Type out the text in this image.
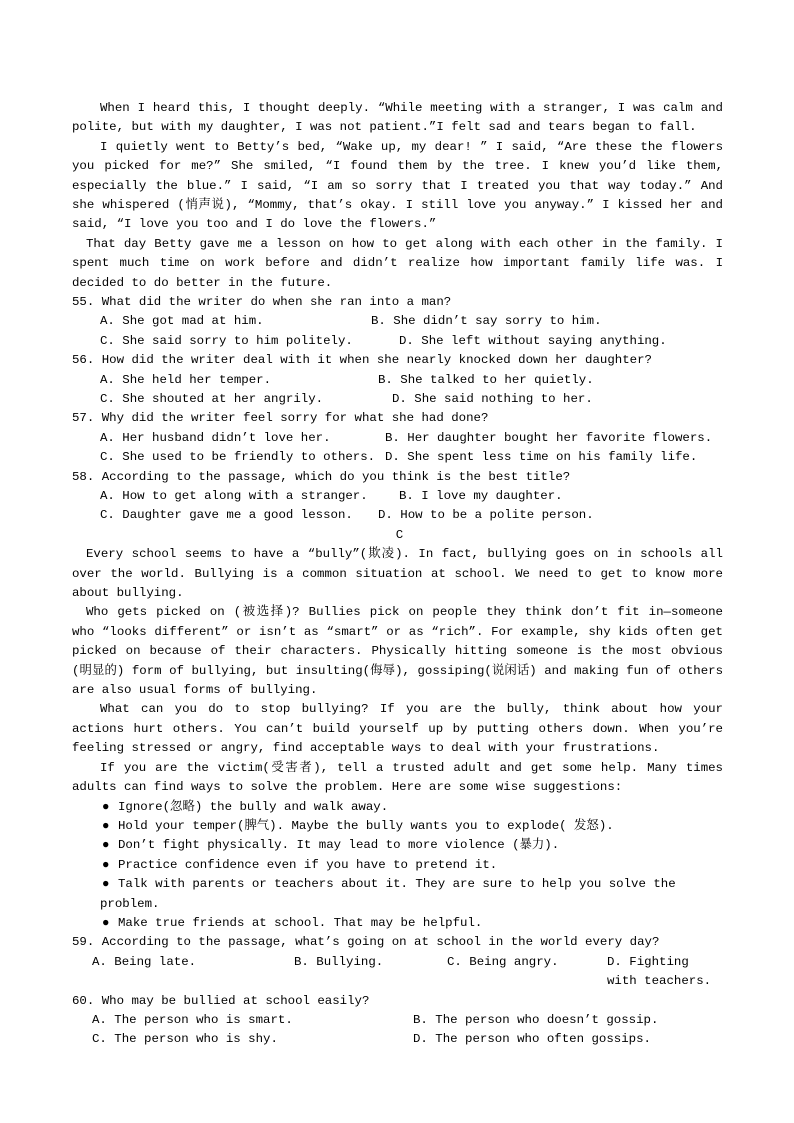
When I heard this, I thought deeply. “While meeting with a stranger, I was calm and polite, but with my daughter, I was not patient.”I felt sad and tears began to fall.

I quietly went to Betty’s bed, “Wake up, my dear! ” I said, “Are these the flowers you picked for me?” She smiled, “I found them by the tree. I knew you’d like them, especially the blue.” I said, “I am so sorry that I treated you that way today.” And she whispered (悄声说), “Mommy, that’s okay. I still love you anyway.” I kissed her and said, “I love you too and I do love the flowers.”

That day Betty gave me a lesson on how to get along with each other in the family. I spent much time on work before and didn’t realize how important family life was. I decided to do better in the future.

55. What did the writer do when she ran into a man?
A. She got mad at him.	B. She didn’t say sorry to him.
C. She said sorry to him politely.	D. She left without saying anything.
56. How did the writer deal with it when she nearly knocked down her daughter?
A. She held her temper.	B. She talked to her quietly.
C. She shouted at her angrily.	D. She said nothing to her.
57. Why did the writer feel sorry for what she had done?
A. Her husband didn’t love her.	B. Her daughter bought her favorite flowers.
C. She used to be friendly to others. D. She spent less time on his family life.
58. According to the passage, which do you think is the best title?
A. How to get along with a stranger.	B. I love my daughter.
C. Daughter gave me a good lesson. D. How to be a polite person.
C

Every school seems to have a “bully”(欺凌). In fact, bullying goes on in schools all over the world. Bullying is a common situation at school. We need to get to know more about bullying.

Who gets picked on (被选择)? Bullies pick on people they think don’t fit in—someone who “looks different” or isn’t as “smart” or as “rich”. For example, shy kids often get picked on because of their characters. Physically hitting someone is the most obvious (明显的) form of bullying, but insulting(侮辱), gossiping(说闲话) and making fun of others are also usual forms of bullying.

What can you do to stop bullying? If you are the bully, think about how your actions hurt others. You can’t build yourself up by putting others down. When you’re feeling stressed or angry, find acceptable ways to deal with your frustrations.

If you are the victim(受害者), tell a trusted adult and get some help. Many times adults can find ways to solve the problem. Here are some wise suggestions:

● Ignore(忽略) the bully and walk away.
● Hold your temper(脾气). Maybe the bully wants you to explode( 发怒).
● Don’t fight physically. It may lead to more violence (暴力).
● Practice confidence even if you have to pretend it.
● Talk with parents or teachers about it. They are sure to help you solve the problem.
● Make true friends at school. That may be helpful.
59. According to the passage, what’s going on at school in the world every day?
A. Being late.	B. Bullying.	C. Being angry.	D. Fighting with teachers.
60. Who may be bullied at school easily?
A. The person who is smart.	B. The person who doesn’t gossip.
C. The person who is shy.	D. The person who often gossips.
